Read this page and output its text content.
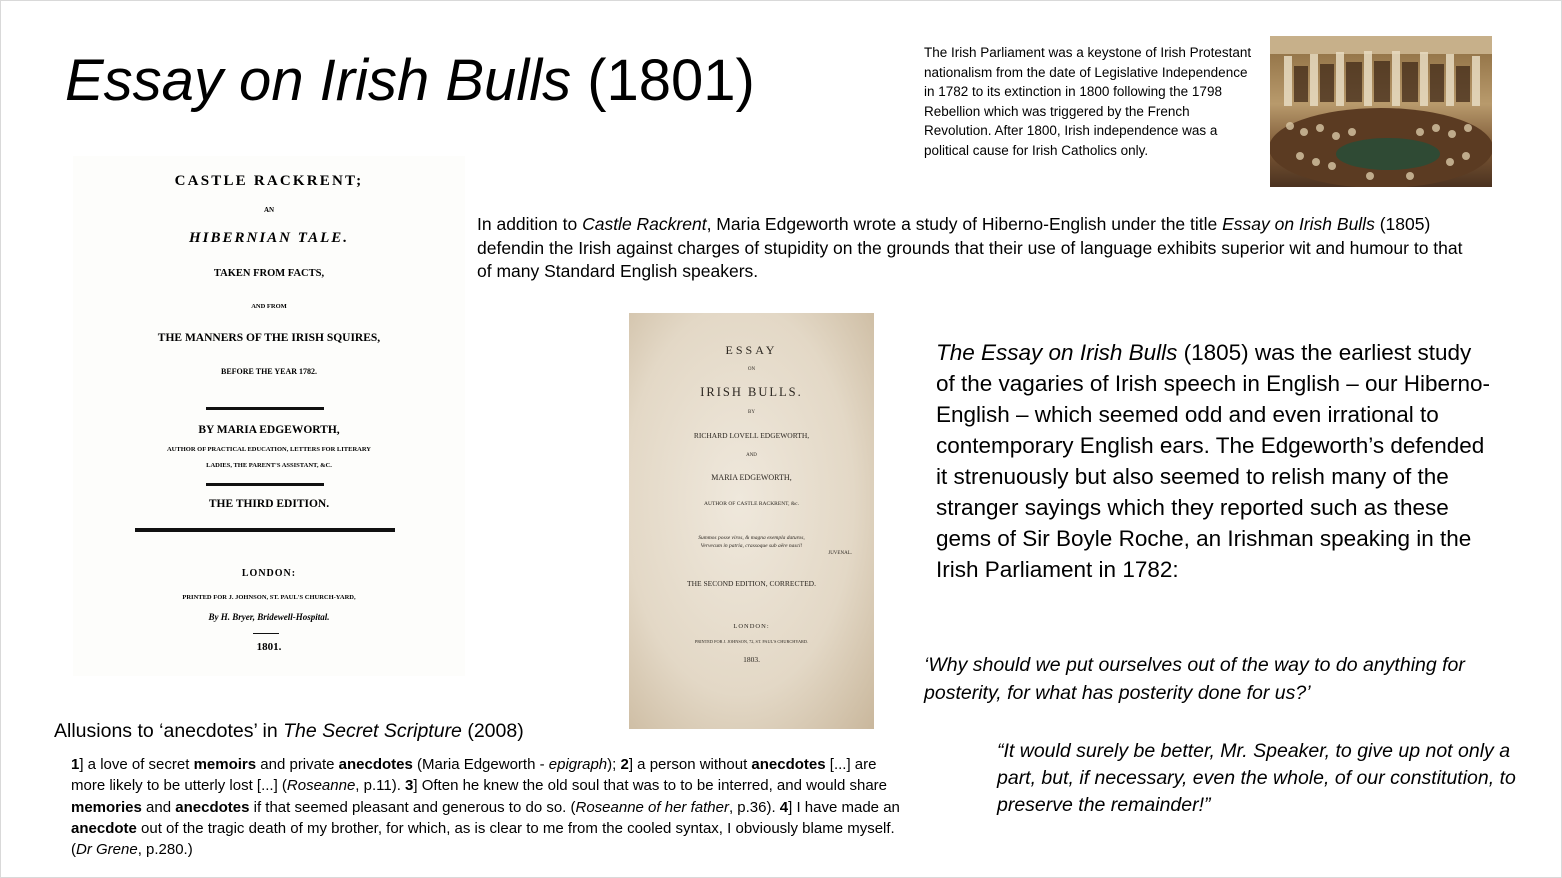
Essay on Irish Bulls (1801)	The Irish Parliament was a keystone of Irish Protestant nationalism from the date of Legislative Independence in 1782 to its extinction in 1800 following the 1798 Rebellion which was triggered by the French Revolution. After 1800, Irish independence was a political cause for Irish Catholics only.
In addition to Castle Rackrent, Maria Edgeworth wrote a study of Hiberno-English under the title Essay on Irish Bulls (1805) defendin the Irish against charges of stupidity on the grounds that their use of language exhibits superior wit and humour to that of many Standard English speakers.
CASTLE RACKRENT;
AN
HIBERNIAN TALE.
TAKEN FROM FACTS,
AND FROM
THE MANNERS OF THE IRISH SQUIRES,
BEFORE THE YEAR 1782.
BY MARIA EDGEWORTH,
AUTHOR OF PRACTICAL EDUCATION, LETTERS FOR LITERARY
LADIES, THE PARENT'S ASSISTANT, &C.
THE THIRD EDITION.
LONDON:
PRINTED FOR J. JOHNSON, ST. PAUL'S CHURCH-YARD,
By H. Bryer, Bridewell-Hospital.
1801.
ESSAY
ON
IRISH BULLS.
BY
RICHARD LOVELL EDGEWORTH,
AND
MARIA EDGEWORTH,
AUTHOR OF CASTLE RACKRENT, &c.
Summos posse viros, & magna exempla daturos,
Vervecum in patria, crassoque sub aëre nasci!
JUVENAL.
THE SECOND EDITION, CORRECTED.
LONDON:
PRINTED FOR J. JOHNSON, 72, ST. PAUL'S CHURCHYARD.
1803.
The Essay on Irish Bulls (1805) was the earliest study of the vagaries of Irish speech in English – our Hiberno-English – which seemed odd and even irrational to contemporary English ears. The Edgeworth’s defended it strenuously but also seemed to relish many of the stranger sayings which they reported such as these gems of Sir Boyle Roche, an Irishman speaking in the Irish Parliament in 1782:
‘Why should we put ourselves out of the way to do anything for posterity, for what has posterity done for us?’
“It would surely be better, Mr. Speaker, to give up not only a part, but, if necessary, even the whole, of our constitution, to preserve the remainder!”
Allusions to ‘anecdotes’ in The Secret Scripture (2008)
1] a love of secret memoirs and private anecdotes (Maria Edgeworth - epigraph); 2] a person without anecdotes [...] are more likely to be utterly lost [...] (Roseanne, p.11). 3] Often he knew the old soul that was to to be interred, and would share memories and anecdotes if that seemed pleasant and generous to do so. (Roseanne of her father, p.36). 4] I have made an anecdote out of the tragic death of my brother, for which, as is clear to me from the cooled syntax, I obviously blame myself. (Dr Grene, p.280.)
